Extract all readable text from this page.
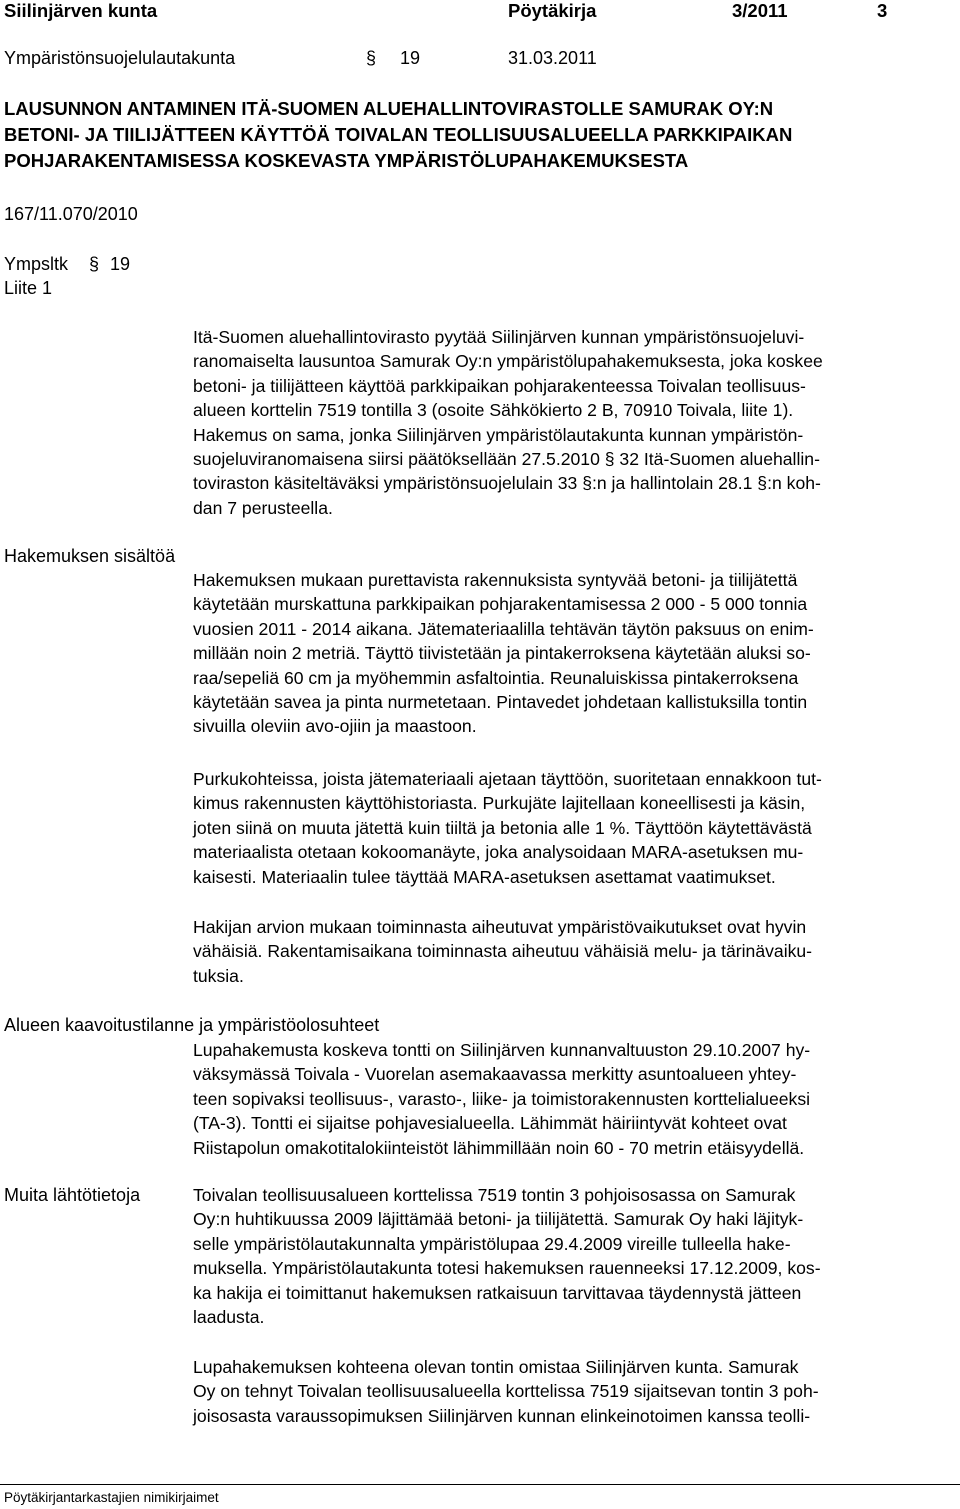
Siilinjärven kunta	Pöytäkirja	3/2011	3
Ympäristönsuojelulautakunta	§ 19	31.03.2011
LAUSUNNON ANTAMINEN ITÄ-SUOMEN ALUEHALLINTOVIRASTOLLE SAMURAK OY:N
BETONI- JA TIILIJÄTTEEN KÄYTTÖÄ TOIVALAN TEOLLISUUSALUEELLA PARKKIPAIKAN
POHJARAKENTAMISESSA KOSKEVASTA YMPÄRISTÖLUPAHAKEMUKSESTA
167/11.070/2010
Ympsltk § 19
Liite 1
Itä-Suomen aluehallintovirasto pyytää Siilinjärven kunnan ympäristönsuojeluvi-
ranomaiselta lausuntoa Samurak Oy:n ympäristölupahakemuksesta, joka koskee
betoni- ja tiilijätteen käyttöä parkkipaikan pohjarakenteessa Toivalan teollisuus-
alueen korttelin 7519 tontilla 3 (osoite Sähkökierto 2 B, 70910 Toivala, liite 1).
Hakemus on sama, jonka Siilinjärven ympäristölautakunta kunnan ympäristön-
suojeluviranomaisena siirsi päätöksellään 27.5.2010 § 32 Itä-Suomen aluehallin-
toviraston käsiteltäväksi ympäristönsuojelulain 33 §:n ja hallintolain 28.1 §:n koh-
dan 7 perusteella.
Hakemuksen sisältöä
Hakemuksen mukaan purettavista rakennuksista syntyvää betoni- ja tiilijätettä
käytetään murskattuna parkkipaikan pohjarakentamisessa 2 000 - 5 000 tonnia
vuosien 2011 - 2014 aikana. Jätemateriaalilla tehtävän täytön paksuus on enim-
millään noin 2 metriä. Täyttö tiivistetään ja pintakerroksena käytetään aluksi so-
raa/sepeliä 60 cm ja myöhemmin asfaltointia. Reunaluiskissa pintakerroksena
käytetään savea ja pinta nurmetetaan. Pintavedet johdetaan kallistuksilla tontin
sivuilla oleviin avo-ojiin ja maastoon.
Purkukohteissa, joista jätemateriaali ajetaan täyttöön, suoritetaan ennakkoon tut-
kimus rakennusten käyttöhistoriasta. Purkujäte lajitellaan koneellisesti ja käsin,
joten siinä on muuta jätettä kuin tiiltä ja betonia alle 1 %. Täyttöön käytettävästä
materiaalista otetaan kokoomanäyte, joka analysoidaan MARA-asetuksen mu-
kaisesti. Materiaalin tulee täyttää MARA-asetuksen asettamat vaatimukset.
Hakijan arvion mukaan toiminnasta aiheutuvat ympäristövaikutukset ovat hyvin
vähäisiä. Rakentamisaikana toiminnasta aiheutuu vähäisiä melu- ja tärinävaiku-
tuksia.
Alueen kaavoitustilanne ja ympäristöolosuhteet
Lupahakemusta koskeva tontti on Siilinjärven kunnanvaltuuston 29.10.2007 hy-
väksymässä Toivala - Vuorelan asemakaavassa merkitty asuntoalueen yhtey-
teen sopivaksi teollisuus-, varasto-, liike- ja toimistorakennusten korttelialueeksi
(TA-3). Tontti ei sijaitse pohjavesialueella. Lähimmät häiriintyvät kohteet ovat
Riistapolun omakotitalokiinteistöt lähimmillään noin 60 - 70 metrin etäisyydellä.
Muita lähtötietoja	Toivalan teollisuusalueen korttelissa 7519 tontin 3 pohjoisosassa on Samurak
Oy:n huhtikuussa 2009 läjittämää betoni- ja tiilijätettä. Samurak Oy haki läjityk-
selle ympäristölautakunnalta ympäristölupaa 29.4.2009 vireille tulleella hake-
muksella. Ympäristölautakunta totesi hakemuksen rauenneeksi 17.12.2009, kos-
ka hakija ei toimittanut hakemuksen ratkaisuun tarvittavaa täydennystä jätteen
laadusta.
Lupahakemuksen kohteena olevan tontin omistaa Siilinjärven kunta. Samurak
Oy on tehnyt Toivalan teollisuusalueella korttelissa 7519 sijaitsevan tontin 3 poh-
joisosasta varaussopimuksen Siilinjärven kunnan elinkeinotoimen kanssa teolli-
Pöytäkirjantarkastajien nimikirjaimet
